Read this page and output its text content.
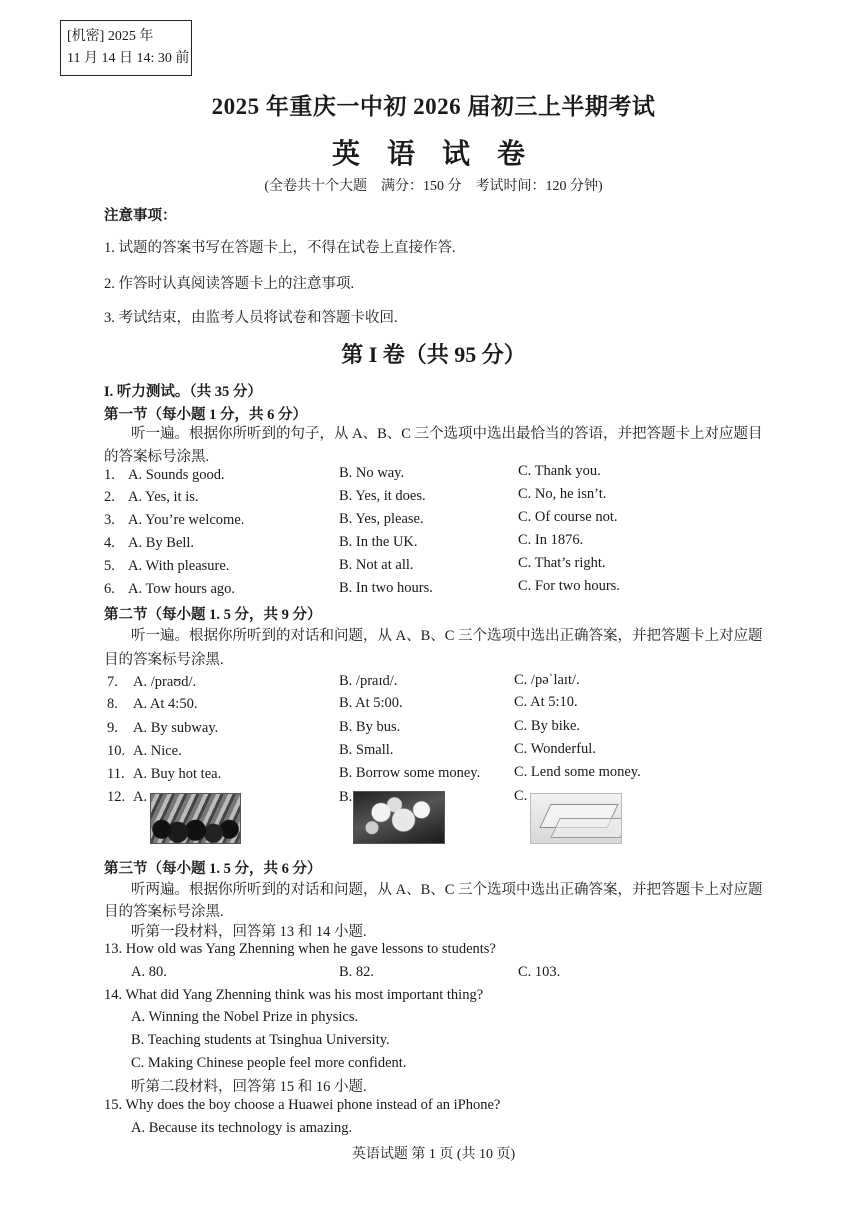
[机密] 2025 年
11 月 14 日 14: 30 前
2025 年重庆一中初 2026 届初三上半期考试
英 语 试 卷
(全卷共十个大题　满分：150 分　考试时间：120 分钟)
注意事项：
1. 试题的答案书写在答题卡上，不得在试卷上直接作答.
2. 作答时认真阅读答题卡上的注意事项.
3. 考试结束，由监考人员将试卷和答题卡收回.
第 I 卷（共 95 分）
I. 听力测试。（共 35 分）
第一节（每小题 1 分，共 6 分）
听一遍。根据你所听到的句子，从 A、B、C 三个选项中选出最恰当的答语，并把答题卡上对应题目
的答案标号涂黑.
1. A. Sounds good.	B. No way.	C. Thank you.
2. A. Yes, it is.	B. Yes, it does.	C. No, he isn’t.
3. A. You’re welcome.	B. Yes, please.	C. Of course not.
4. A. By Bell.	B. In the UK.	C. In 1876.
5. A. With pleasure.	B. Not at all.	C. That’s right.
6. A. Tow hours ago.	B. In two hours.	C. For two hours.
第二节（每小题 1. 5 分，共 9 分）
听一遍。根据你所听到的对话和问题，从 A、B、C 三个选项中选出正确答案，并把答题卡上对应题
目的答案标号涂黑.
7. A. /praʊd/.	B. /praɪd/.	C. /pəˈlaɪt/.
8. A. At 4:50.	B. At 5:00.	C. At 5:10.
9. A. By subway.	B. By bus.	C. By bike.
10. A. Nice.	B. Small.	C. Wonderful.
11. A. Buy hot tea.	B. Borrow some money. C. Lend some money.
12. A.	B.	C.
第三节（每小题 1. 5 分，共 6 分）
听两遍。根据你所听到的对话和问题，从 A、B、C 三个选项中选出正确答案，并把答题卡上对应题
目的答案标号涂黑.
听第一段材料，回答第 13 和 14 小题.
13. How old was Yang Zhenning when he gave lessons to students?
A. 80.	B. 82.	C. 103.
14. What did Yang Zhenning think was his most important thing?
A. Winning the Nobel Prize in physics.
B. Teaching students at Tsinghua University.
C. Making Chinese people feel more confident.
听第二段材料，回答第 15 和 16 小题.
15. Why does the boy choose a Huawei phone instead of an iPhone?
A. Because its technology is amazing.
英语试题 第 1 页 (共 10 页)
